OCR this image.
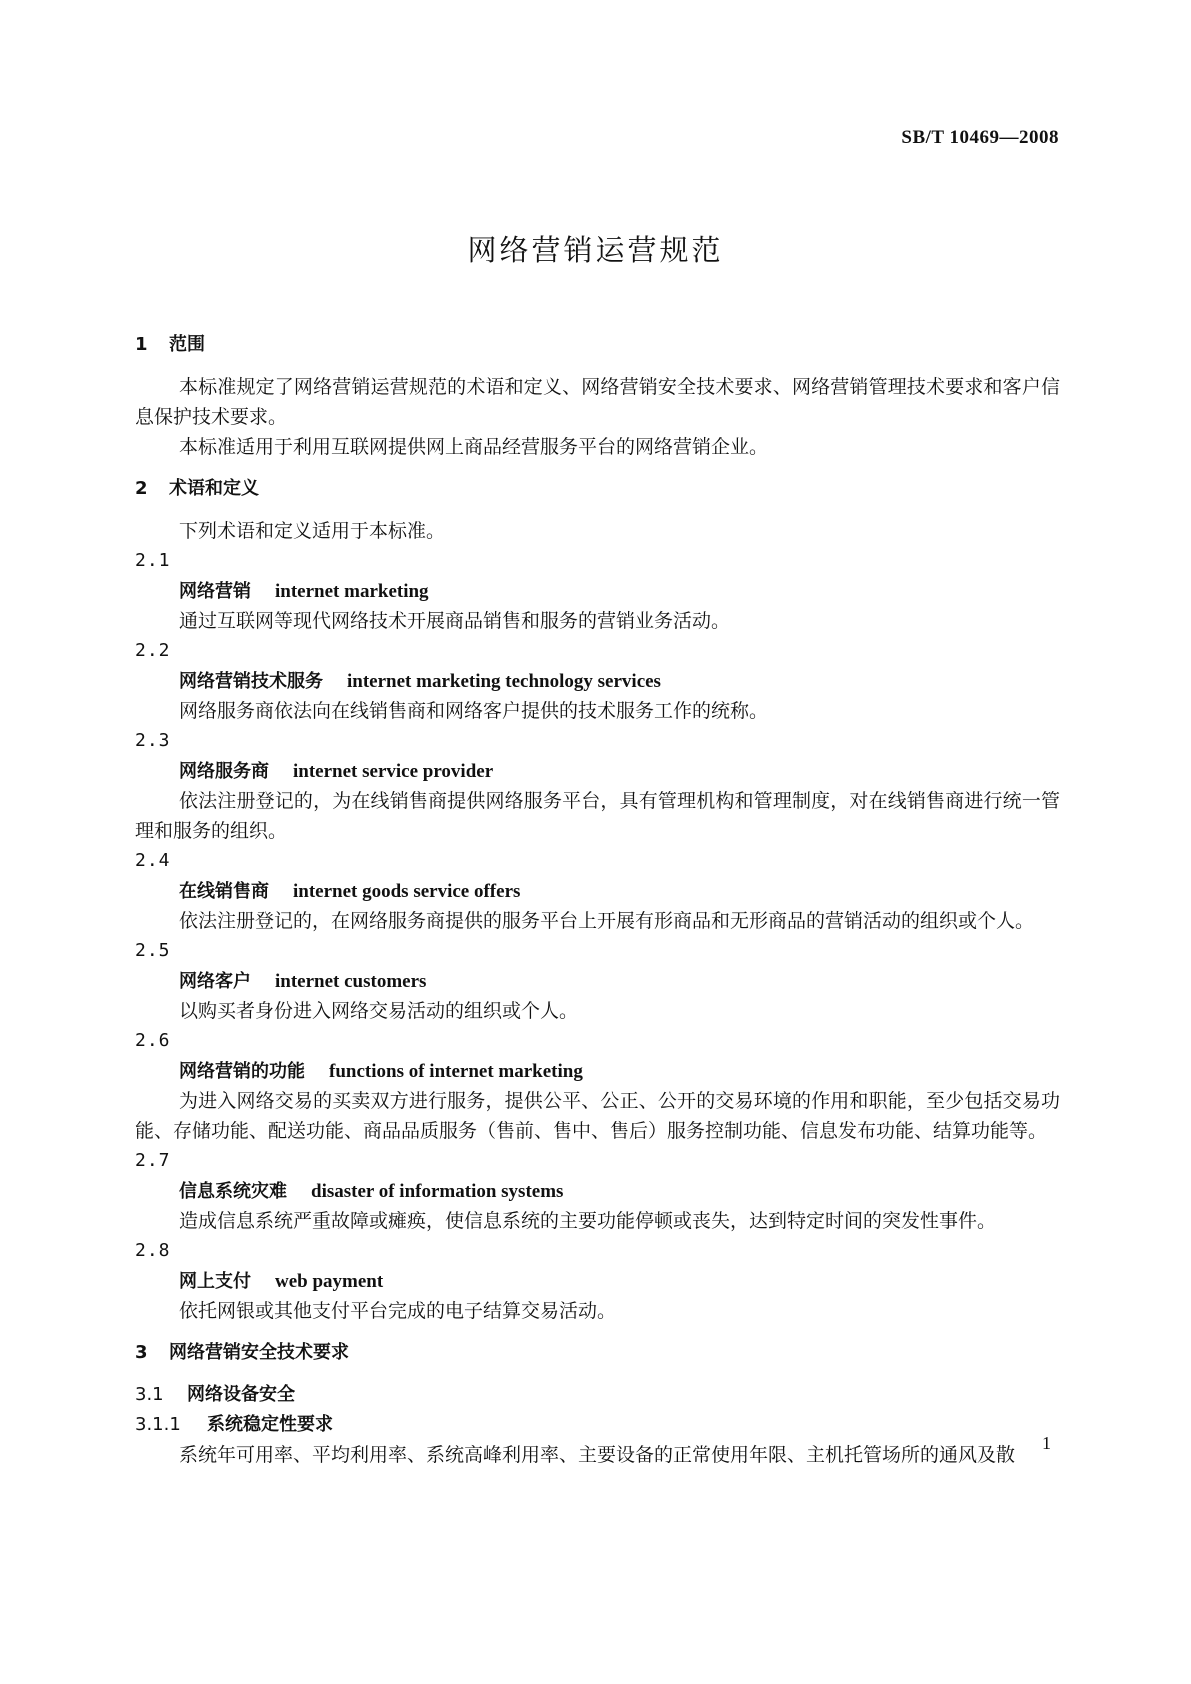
SB/T 10469—2008
网络营销运营规范
1 范围

本标准规定了网络营销运营规范的术语和定义、网络营销安全技术要求、网络营销管理技术要求和客户信息保护技术要求。

本标准适用于利用互联网提供网上商品经营服务平台的网络营销企业。

2 术语和定义

下列术语和定义适用于本标准。

2.1
网络营销 internet marketing

通过互联网等现代网络技术开展商品销售和服务的营销业务活动。

2.2
网络营销技术服务 internet marketing technology services

网络服务商依法向在线销售商和网络客户提供的技术服务工作的统称。

2.3
网络服务商 internet service provider

依法注册登记的，为在线销售商提供网络服务平台，具有管理机构和管理制度，对在线销售商进行统一管理和服务的组织。

2.4
在线销售商 internet goods service offers

依法注册登记的，在网络服务商提供的服务平台上开展有形商品和无形商品的营销活动的组织或个人。

2.5
网络客户 internet customers

以购买者身份进入网络交易活动的组织或个人。

2.6
网络营销的功能 functions of internet marketing

为进入网络交易的买卖双方进行服务，提供公平、公正、公开的交易环境的作用和职能，至少包括交易功能、存储功能、配送功能、商品品质服务（售前、售中、售后）服务控制功能、信息发布功能、结算功能等。

2.7
信息系统灾难 disaster of information systems

造成信息系统严重故障或瘫痪，使信息系统的主要功能停顿或丧失，达到特定时间的突发性事件。

2.8
网上支付 web payment

依托网银或其他支付平台完成的电子结算交易活动。

3 网络营销安全技术要求
3.1 网络设备安全
3.1.1 系统稳定性要求

系统年可用率、平均利用率、系统高峰利用率、主要设备的正常使用年限、主机托管场所的通风及散

1
